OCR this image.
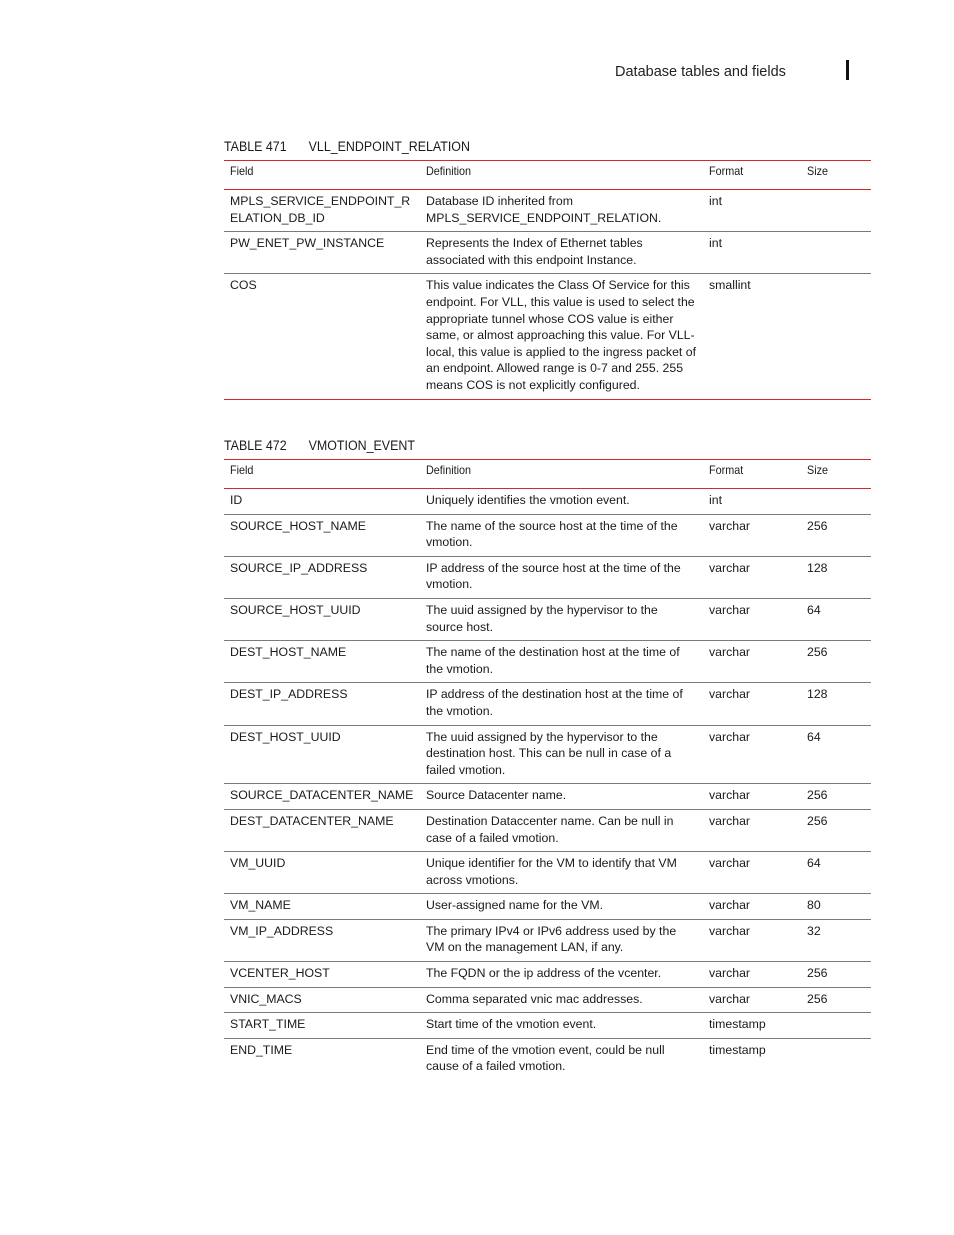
Database tables and fields
TABLE 471 VLL_ENDPOINT_RELATION
Field	Definition	Format	Size
MPLS_SERVICE_ENDPOINT_RELATION_DB_ID	Database ID inherited from MPLS_SERVICE_ENDPOINT_RELATION.	int	
PW_ENET_PW_INSTANCE	Represents the Index of Ethernet tables associated with this endpoint Instance.	int	
COS	This value indicates the Class Of Service for this endpoint. For VLL, this value is used to select the appropriate tunnel whose COS value is either same, or almost approaching this value. For VLL-local, this value is applied to the ingress packet of an endpoint. Allowed range is 0-7 and 255. 255 means COS is not explicitly configured.	smallint	
TABLE 472 VMOTION_EVENT
Field	Definition	Format	Size
ID	Uniquely identifies the vmotion event.	int	
SOURCE_HOST_NAME	The name of the source host at the time of the vmotion.	varchar	256
SOURCE_IP_ADDRESS	IP address of the source host at the time of the vmotion.	varchar	128
SOURCE_HOST_UUID	The uuid assigned by the hypervisor to the source host.	varchar	64
DEST_HOST_NAME	The name of the destination host at the time of the vmotion.	varchar	256
DEST_IP_ADDRESS	IP address of the destination host at the time of the vmotion.	varchar	128
DEST_HOST_UUID	The uuid assigned by the hypervisor to the destination host. This can be null in case of a failed vmotion.	varchar	64
SOURCE_DATACENTER_NAME	Source Datacenter name.	varchar	256
DEST_DATACENTER_NAME	Destination Dataccenter name. Can be null in case of a failed vmotion.	varchar	256
VM_UUID	Unique identifier for the VM to identify that VM across vmotions.	varchar	64
VM_NAME	User-assigned name for the VM.	varchar	80
VM_IP_ADDRESS	The primary IPv4 or IPv6 address used by the VM on the management LAN, if any.	varchar	32
VCENTER_HOST	The FQDN or the ip address of the vcenter.	varchar	256
VNIC_MACS	Comma separated vnic mac addresses.	varchar	256
START_TIME	Start time of the vmotion event.	timestamp	
END_TIME	End time of the vmotion event, could be null cause of a failed vmotion.	timestamp	
